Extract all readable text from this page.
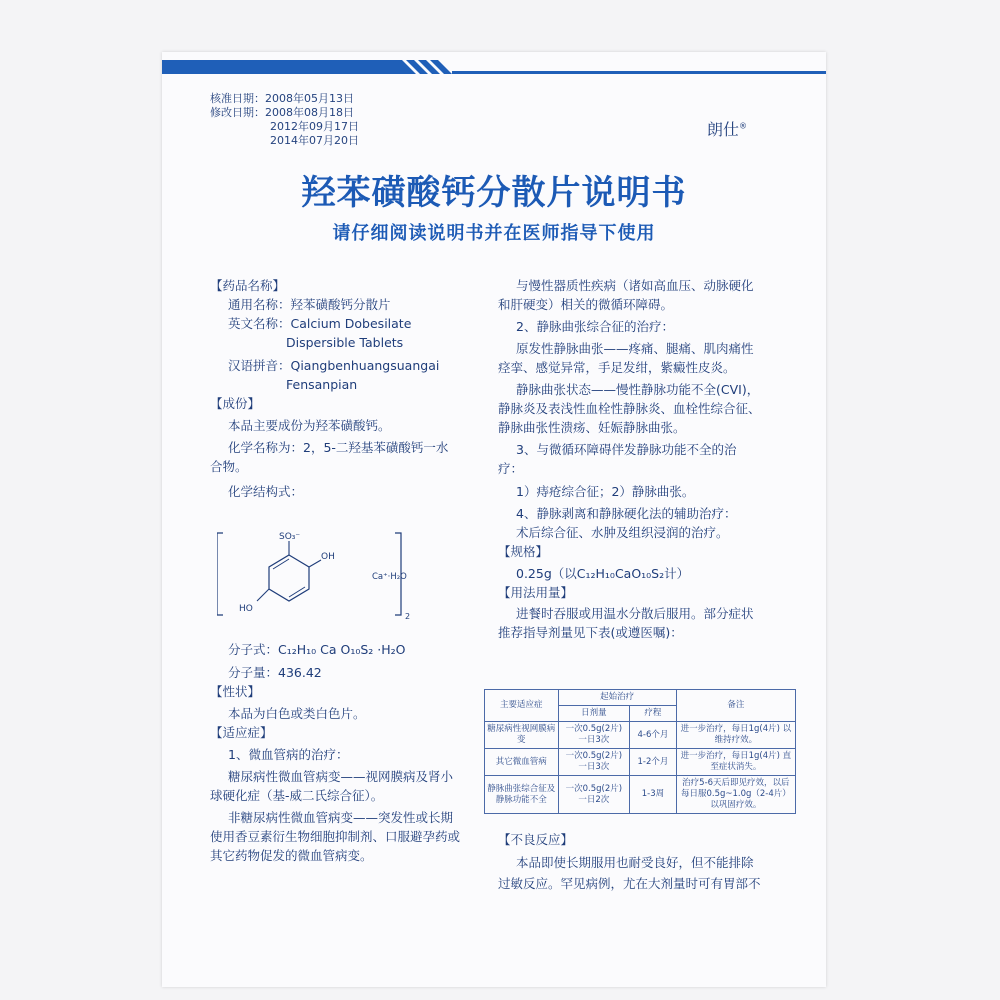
核准日期：2008年05月13日
修改日期：2008年08月18日
2012年09月17日
2014年07月20日
朗仕®
羟苯磺酸钙分散片说明书
请仔细阅读说明书并在医师指导下使用
【药品名称】
通用名称：羟苯磺酸钙分散片
英文名称：Calcium Dobesilate
Dispersible Tablets
汉语拼音：Qiangbenhuangsuangai
Fensanpian
【成份】
本品主要成份为羟苯磺酸钙。
化学名称为：2，5-二羟基苯磺酸钙一水
合物。
化学结构式：
SO₃⁻
OH
HO
2
Ca⁺·H₂O
分子式：C₁₂H₁₀ Ca O₁₀S₂ ·H₂O
分子量：436.42
【性状】
本品为白色或类白色片。
【适应症】
1、微血管病的治疗：
糖尿病性微血管病变——视网膜病及肾小
球硬化症（基-威二氏综合征）。
非糖尿病性微血管病变——突发性或长期
使用香豆素衍生物细胞抑制剂、口服避孕药或
其它药物促发的微血管病变。
与慢性器质性疾病（诸如高血压、动脉硬化
和肝硬变）相关的微循环障碍。
2、静脉曲张综合征的治疗：
原发性静脉曲张——疼痛、腿痛、肌肉痛性
痉挛、感觉异常，手足发绀，紫癜性皮炎。
静脉曲张状态——慢性静脉功能不全(CVI)，
静脉炎及表浅性血栓性静脉炎、血栓性综合征、
静脉曲张性溃疡、妊娠静脉曲张。
3、与微循环障碍伴发静脉功能不全的治
疗：
1）痔疮综合征；2）静脉曲张。
4、静脉剥离和静脉硬化法的辅助治疗：
术后综合征、水肿及组织浸润的治疗。
【规格】
0.25g（以C₁₂H₁₀CaO₁₀S₂计）
【用法用量】
进餐时吞服或用温水分散后服用。部分症状
推荐指导剂量见下表(或遵医嘱)：
主要适应症	起始治疗		备注
	日剂量	疗程	
糖尿病性视网膜病变	一次0.5g(2片) 一日3次	4-6个月	进一步治疗，每日1g(4片) 以维持疗效。
其它微血管病	一次0.5g(2片) 一日3次	1-2个月	进一步治疗，每日1g(4片) 直至症状消失。
静脉曲张综合征及静脉功能不全	一次0.5g(2片) 一日2次	1-3周	治疗5-6天后即见疗效，以后每日服0.5g~1.0g（2-4片） 以巩固疗效。
【不良反应】
本品即使长期服用也耐受良好，但不能排除
过敏反应。罕见病例，尤在大剂量时可有胃部不
